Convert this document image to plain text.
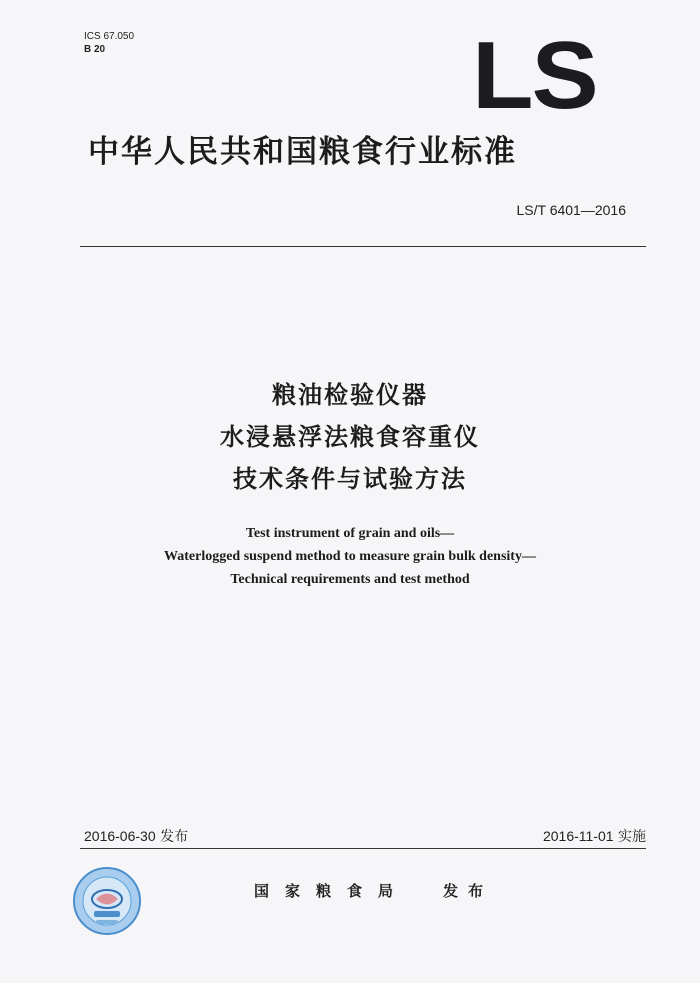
ICS 67.050
B 20	LS
中华人民共和国粮食行业标准
LS/T 6401—2016
粮油检验仪器
水浸悬浮法粮食容重仪
技术条件与试验方法
Test instrument of grain and oils—
Waterlogged suspend method to measure grain bulk density—
Technical requirements and test method
2016-06-30 发布	2016-11-01 实施
国家粮食局 发布
